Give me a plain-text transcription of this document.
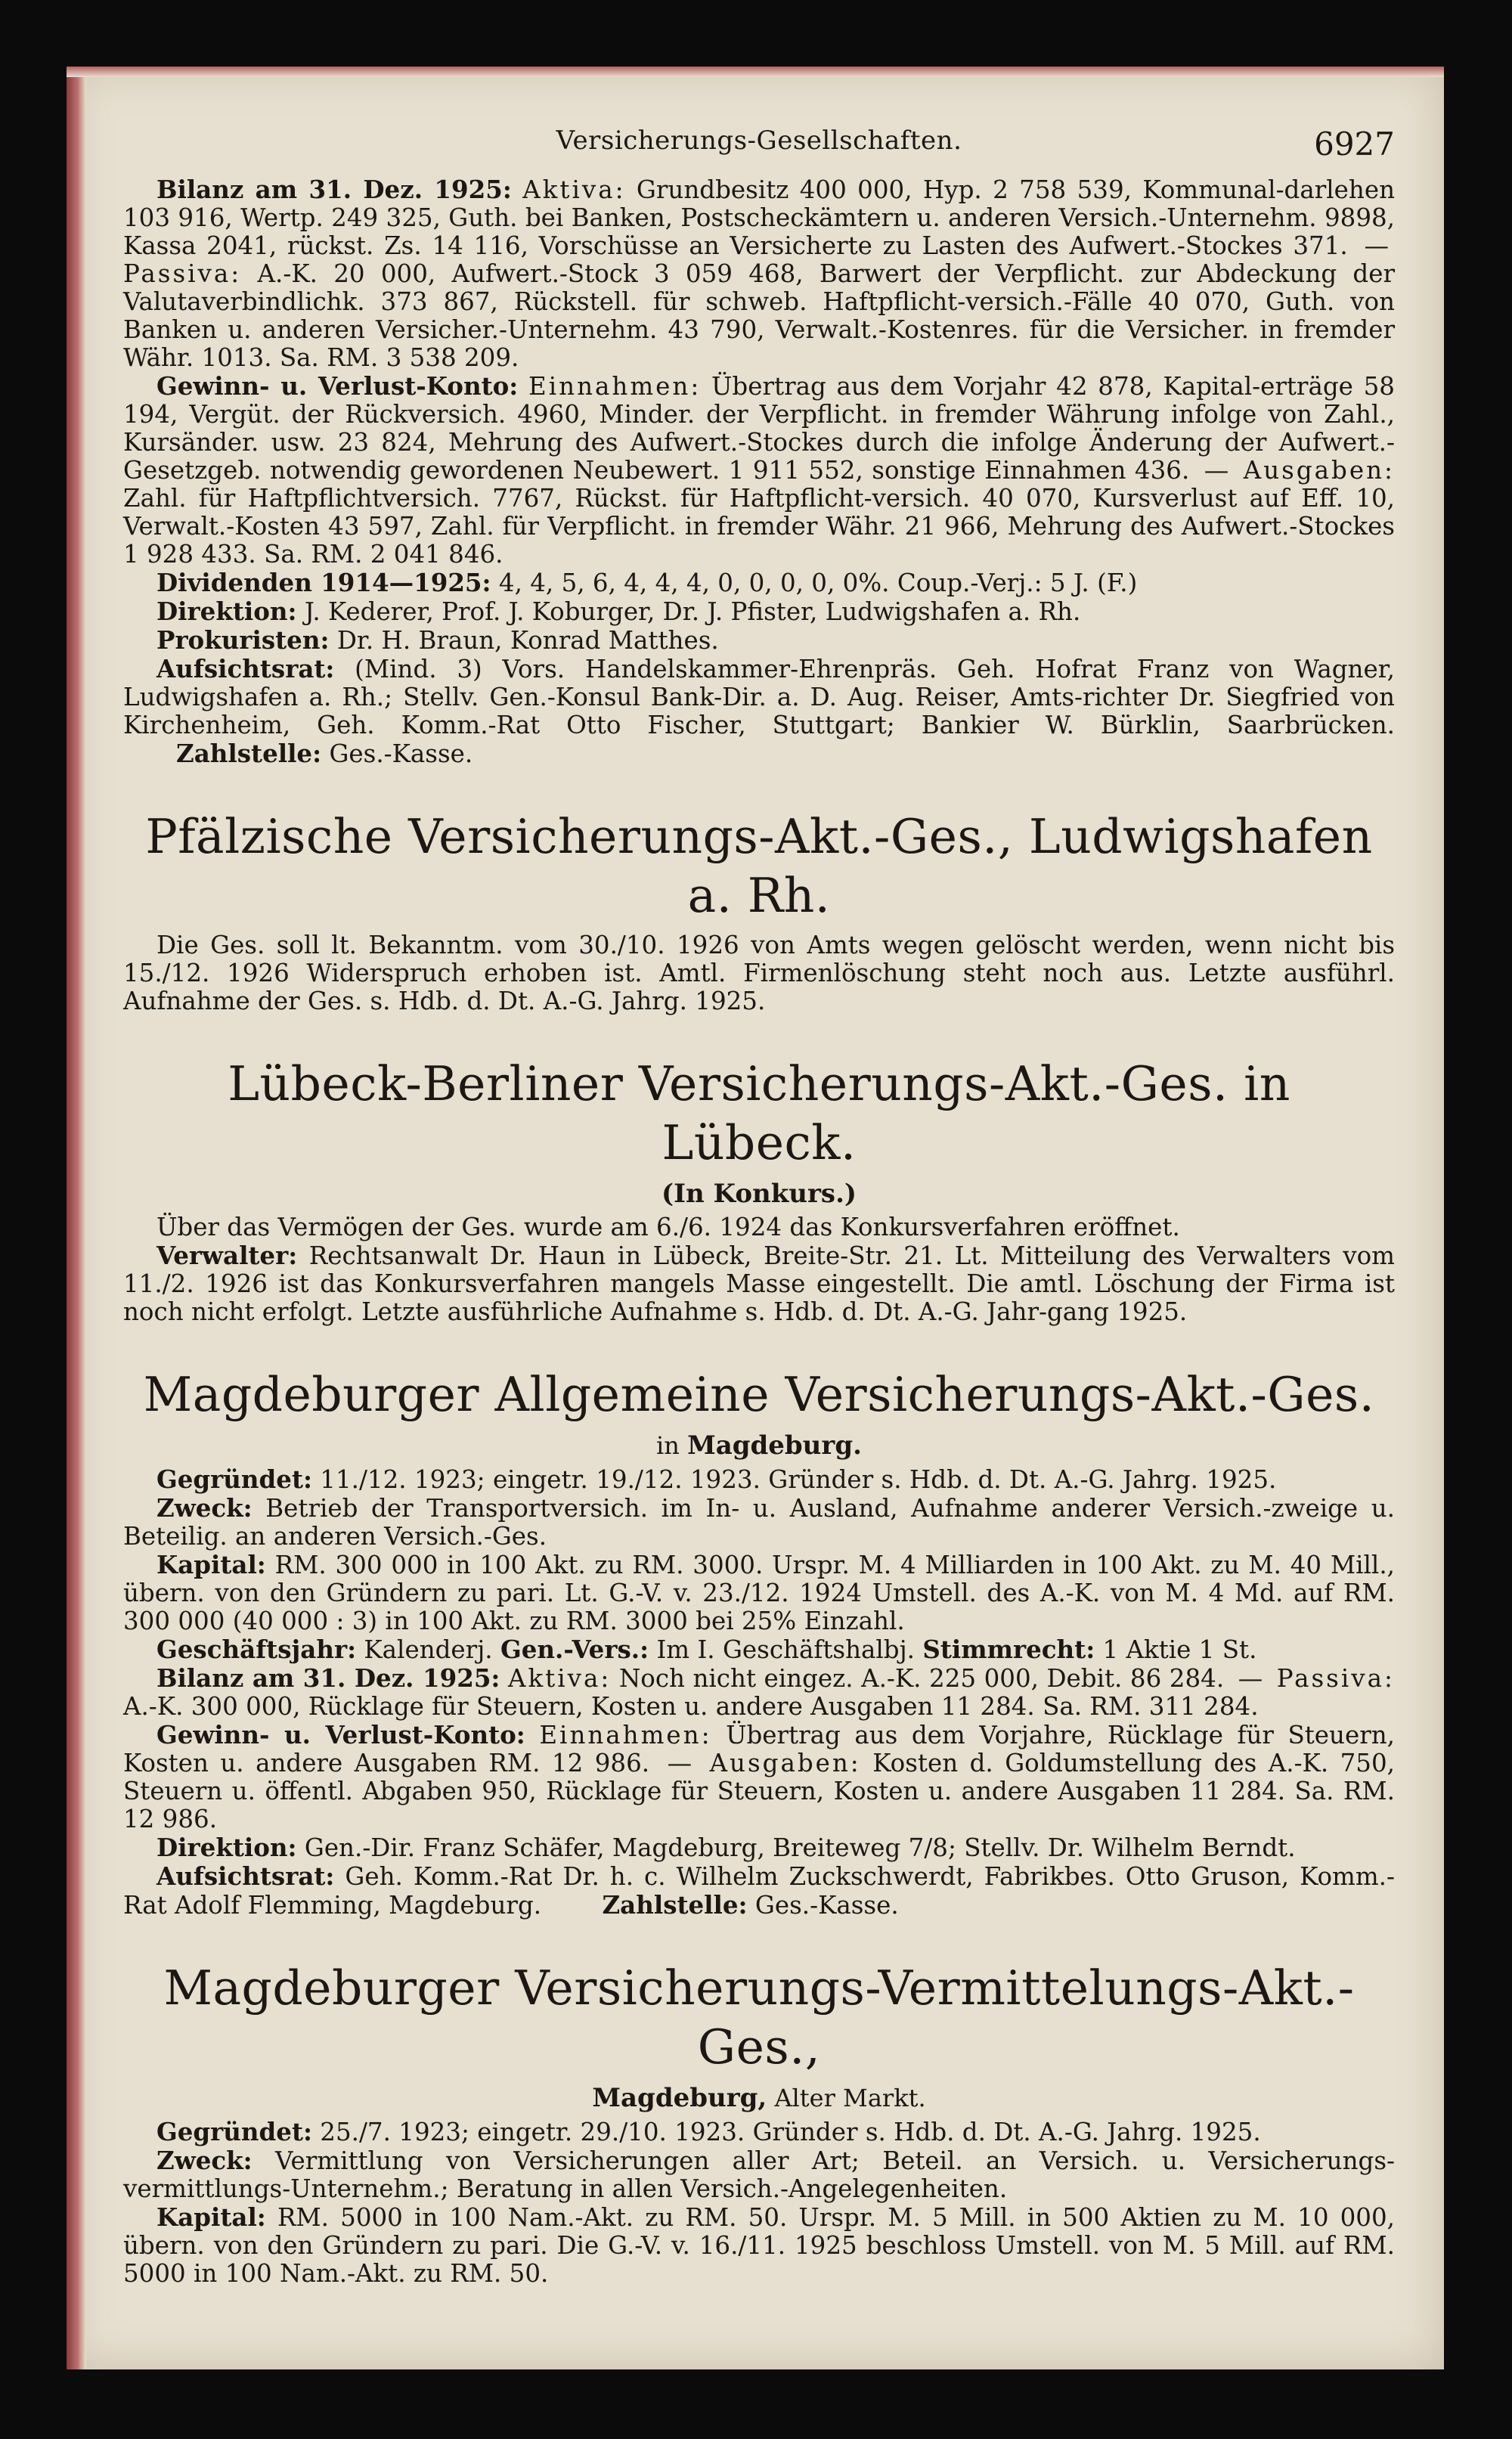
Versicherungs-Gesellschaften.	6927

Bilanz am 31. Dez. 1925: Aktiva: Grundbesitz 400 000, Hyp. 2 758 539, Kommunal-darlehen 103 916, Wertp. 249 325, Guth. bei Banken, Postscheckämtern u. anderen Versich.-Unternehm. 9898, Kassa 2041, rückst. Zs. 14 116, Vorschüsse an Versicherte zu Lasten des Aufwert.-Stockes 371. — Passiva: A.-K. 20 000, Aufwert.-Stock 3 059 468, Barwert der Verpflicht. zur Abdeckung der Valutaverbindlichk. 373 867, Rückstell. für schweb. Haftpflicht-versich.-Fälle 40 070, Guth. von Banken u. anderen Versicher.-Unternehm. 43 790, Verwalt.-Kostenres. für die Versicher. in fremder Währ. 1013. Sa. RM. 3 538 209.

Gewinn- u. Verlust-Konto: Einnahmen: Übertrag aus dem Vorjahr 42 878, Kapital-erträge 58 194, Vergüt. der Rückversich. 4960, Minder. der Verpflicht. in fremder Währung infolge von Zahl., Kursänder. usw. 23 824, Mehrung des Aufwert.-Stockes durch die infolge Änderung der Aufwert.-Gesetzgeb. notwendig gewordenen Neubewert. 1 911 552, sonstige Einnahmen 436. — Ausgaben: Zahl. für Haftpflichtversich. 7767, Rückst. für Haftpflicht-versich. 40 070, Kursverlust auf Eff. 10, Verwalt.-Kosten 43 597, Zahl. für Verpflicht. in fremder Währ. 21 966, Mehrung des Aufwert.-Stockes 1 928 433. Sa. RM. 2 041 846.

Dividenden 1914—1925: 4, 4, 5, 6, 4, 4, 4, 0, 0, 0, 0, 0%. Coup.-Verj.: 5 J. (F.)

Direktion: J. Kederer, Prof. J. Koburger, Dr. J. Pfister, Ludwigshafen a. Rh.

Prokuristen: Dr. H. Braun, Konrad Matthes.

Aufsichtsrat: (Mind. 3) Vors. Handelskammer-Ehrenpräs. Geh. Hofrat Franz von Wagner, Ludwigshafen a. Rh.; Stellv. Gen.-Konsul Bank-Dir. a. D. Aug. Reiser, Amts-richter Dr. Siegfried von Kirchenheim, Geh. Komm.-Rat Otto Fischer, Stuttgart; Bankier W. Bürklin, Saarbrücken. Zahlstelle: Ges.-Kasse.

Pfälzische Versicherungs-Akt.-Ges., Ludwigshafen a. Rh.

Die Ges. soll lt. Bekanntm. vom 30./10. 1926 von Amts wegen gelöscht werden, wenn nicht bis 15./12. 1926 Widerspruch erhoben ist. Amtl. Firmenlöschung steht noch aus. Letzte ausführl. Aufnahme der Ges. s. Hdb. d. Dt. A.-G. Jahrg. 1925.

Lübeck-Berliner Versicherungs-Akt.-Ges. in Lübeck.
(In Konkurs.)

Über das Vermögen der Ges. wurde am 6./6. 1924 das Konkursverfahren eröffnet.

Verwalter: Rechtsanwalt Dr. Haun in Lübeck, Breite-Str. 21. Lt. Mitteilung des Verwalters vom 11./2. 1926 ist das Konkursverfahren mangels Masse eingestellt. Die amtl. Löschung der Firma ist noch nicht erfolgt. Letzte ausführliche Aufnahme s. Hdb. d. Dt. A.-G. Jahr-gang 1925.

Magdeburger Allgemeine Versicherungs-Akt.-Ges.
in Magdeburg.

Gegründet: 11./12. 1923; eingetr. 19./12. 1923. Gründer s. Hdb. d. Dt. A.-G. Jahrg. 1925.

Zweck: Betrieb der Transportversich. im In- u. Ausland, Aufnahme anderer Versich.-zweige u. Beteilig. an anderen Versich.-Ges.

Kapital: RM. 300 000 in 100 Akt. zu RM. 3000. Urspr. M. 4 Milliarden in 100 Akt. zu M. 40 Mill., übern. von den Gründern zu pari. Lt. G.-V. v. 23./12. 1924 Umstell. des A.-K. von M. 4 Md. auf RM. 300 000 (40 000 : 3) in 100 Akt. zu RM. 3000 bei 25% Einzahl.

Geschäftsjahr: Kalenderj. Gen.-Vers.: Im I. Geschäftshalbj. Stimmrecht: 1 Aktie 1 St.

Bilanz am 31. Dez. 1925: Aktiva: Noch nicht eingez. A.-K. 225 000, Debit. 86 284. — Passiva: A.-K. 300 000, Rücklage für Steuern, Kosten u. andere Ausgaben 11 284. Sa. RM. 311 284.

Gewinn- u. Verlust-Konto: Einnahmen: Übertrag aus dem Vorjahre, Rücklage für Steuern, Kosten u. andere Ausgaben RM. 12 986. — Ausgaben: Kosten d. Goldumstellung des A.-K. 750, Steuern u. öffentl. Abgaben 950, Rücklage für Steuern, Kosten u. andere Ausgaben 11 284. Sa. RM. 12 986.

Direktion: Gen.-Dir. Franz Schäfer, Magdeburg, Breiteweg 7/8; Stellv. Dr. Wilhelm Berndt.

Aufsichtsrat: Geh. Komm.-Rat Dr. h. c. Wilhelm Zuckschwerdt, Fabrikbes. Otto Gruson, Komm.-Rat Adolf Flemming, Magdeburg. Zahlstelle: Ges.-Kasse.

Magdeburger Versicherungs-Vermittelungs-Akt.-Ges.,
Magdeburg, Alter Markt.

Gegründet: 25./7. 1923; eingetr. 29./10. 1923. Gründer s. Hdb. d. Dt. A.-G. Jahrg. 1925.

Zweck: Vermittlung von Versicherungen aller Art; Beteil. an Versich. u. Versicherungs-vermittlungs-Unternehm.; Beratung in allen Versich.-Angelegenheiten.

Kapital: RM. 5000 in 100 Nam.-Akt. zu RM. 50. Urspr. M. 5 Mill. in 500 Aktien zu M. 10 000, übern. von den Gründern zu pari. Die G.-V. v. 16./11. 1925 beschloss Umstell. von M. 5 Mill. auf RM. 5000 in 100 Nam.-Akt. zu RM. 50.
